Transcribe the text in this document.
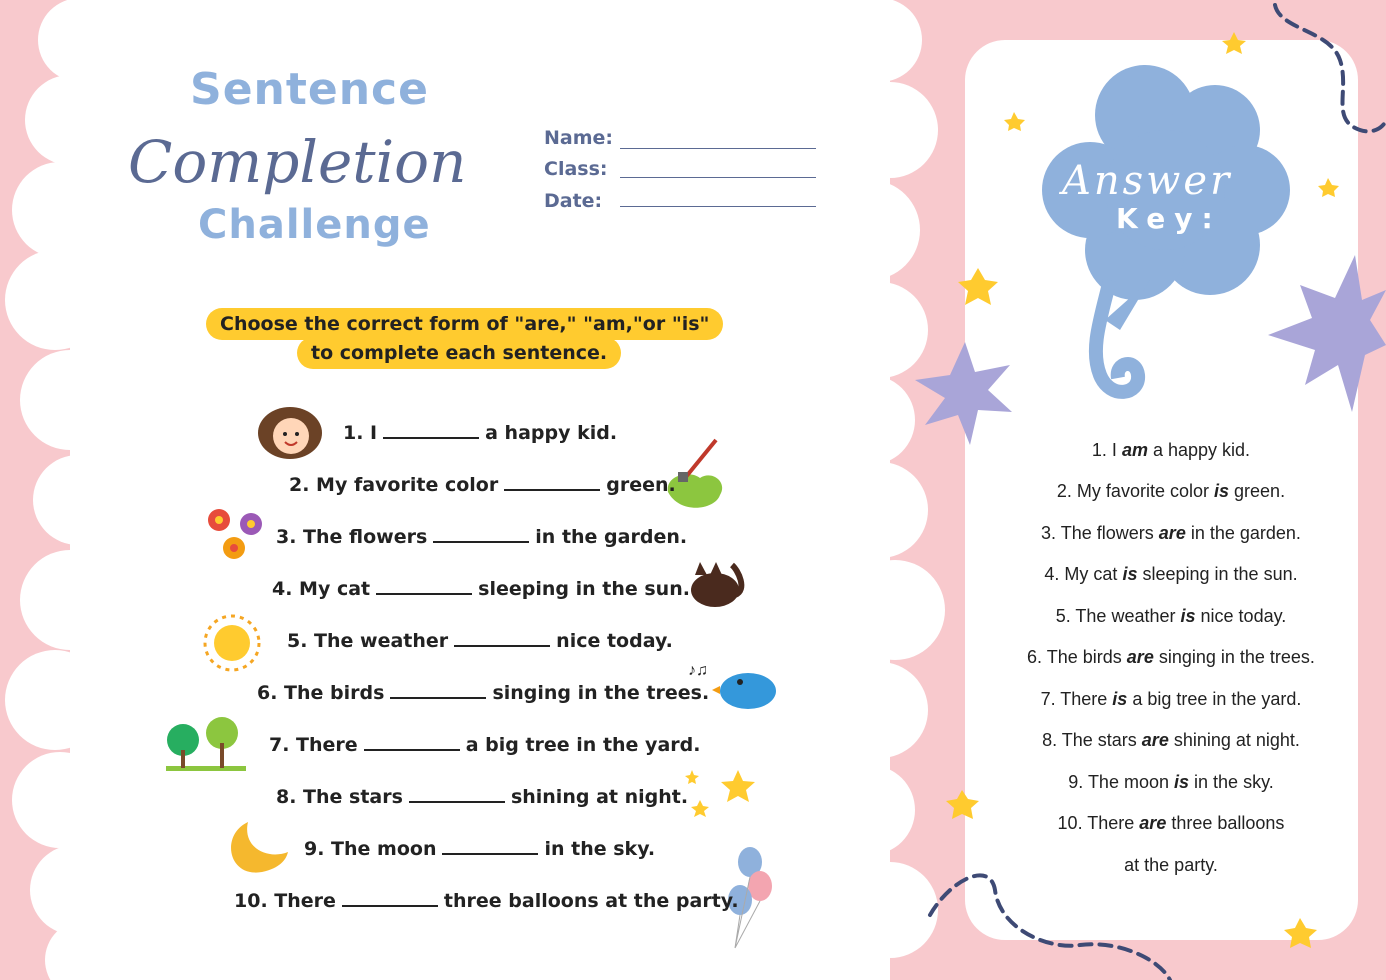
♪♫
Sentence
Completion
Challenge
Name:
Class:
Date:
Choose the correct form of "are," "am,"or "is"
to complete each sentence.
1. I	a happy kid.
2. My favorite color	green.
3. The flowers	in the garden.
4. My cat	sleeping in the sun.
5. The weather	nice today.
6. The birds	singing in the trees.
7. There	a big tree in the yard.
8. The stars	shining at night.
9. The moon	in the sky.
10. There	three balloons at the party.
Answer
Key:
1. I am a happy kid.
2. My favorite color is green.
3. The flowers are in the garden.
4. My cat is sleeping in the sun.
5. The weather is nice today.
6. The birds are singing in the trees.
7. There is a big tree in the yard.
8. The stars are shining at night.
9. The moon is in the sky.
10. There are three balloons
at the party.
